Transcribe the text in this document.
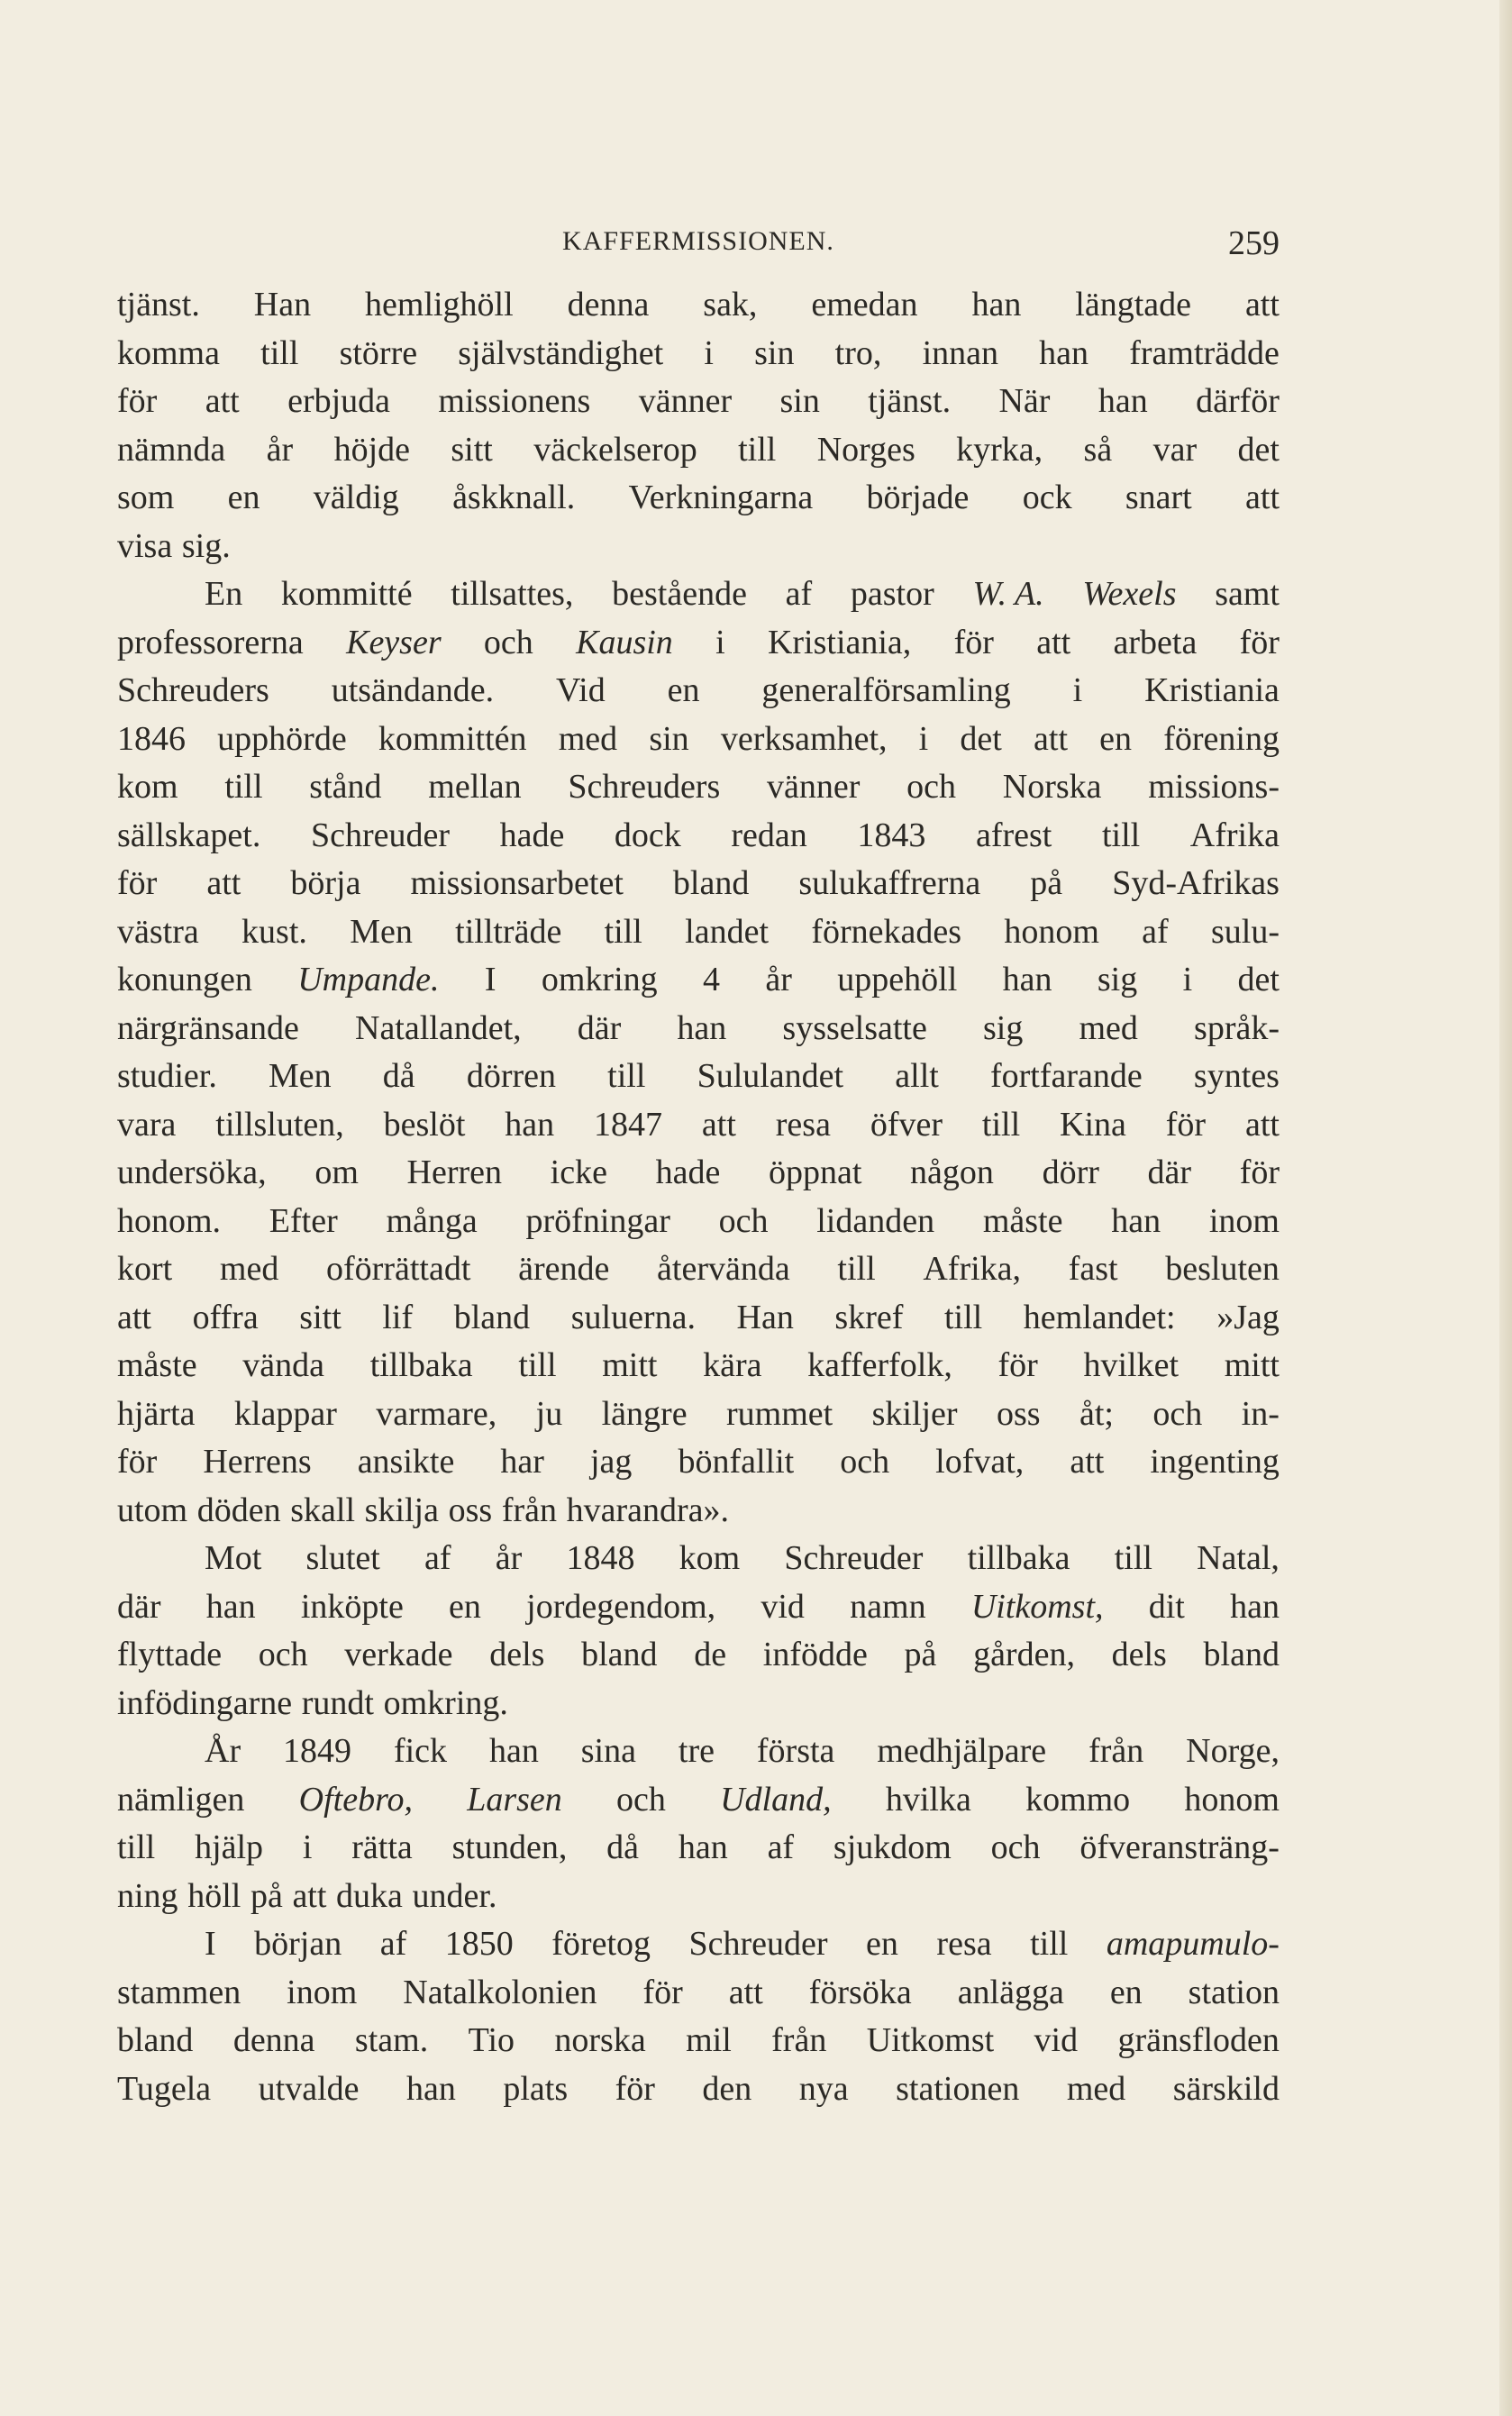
KAFFERMISSIONEN.	259
tjänst. Han hemlighöll denna sak, emedan han längtade att
komma till större självständighet i sin tro, innan han framträdde
för att erbjuda missionens vänner sin tjänst. När han därför
nämnda år höjde sitt väckelserop till Norges kyrka, så var det
som en väldig åskknall. Verkningarna började ock snart att
visa sig.
En kommitté tillsattes, bestående af pastor W. A. Wexels samt
professorerna Keyser och Kausin i Kristiania, för att arbeta för
Schreuders utsändande. Vid en generalförsamling i Kristiania
1846 upphörde kommittén med sin verksamhet, i det att en förening
kom till stånd mellan Schreuders vänner och Norska missions-
sällskapet. Schreuder hade dock redan 1843 afrest till Afrika
för att börja missionsarbetet bland sulukaffrerna på Syd-Afrikas
västra kust. Men tillträde till landet förnekades honom af sulu-
konungen Umpande. I omkring 4 år uppehöll han sig i det
närgränsande Natallandet, där han sysselsatte sig med språk-
studier. Men då dörren till Sululandet allt fortfarande syntes
vara tillsluten, beslöt han 1847 att resa öfver till Kina för att
undersöka, om Herren icke hade öppnat någon dörr där för
honom. Efter många pröfningar och lidanden måste han inom
kort med oförrättadt ärende återvända till Afrika, fast besluten
att offra sitt lif bland suluerna. Han skref till hemlandet: »Jag
måste vända tillbaka till mitt kära kafferfolk, för hvilket mitt
hjärta klappar varmare, ju längre rummet skiljer oss åt; och in-
för Herrens ansikte har jag bönfallit och lofvat, att ingenting
utom döden skall skilja oss från hvarandra».
Mot slutet af år 1848 kom Schreuder tillbaka till Natal,
där han inköpte en jordegendom, vid namn Uitkomst, dit han
flyttade och verkade dels bland de infödde på gården, dels bland
infödingarne rundt omkring.
År 1849 fick han sina tre första medhjälpare från Norge,
nämligen Oftebro, Larsen och Udland, hvilka kommo honom
till hjälp i rätta stunden, då han af sjukdom och öfveransträng-
ning höll på att duka under.
I början af 1850 företog Schreuder en resa till amapumulo-
stammen inom Natalkolonien för att försöka anlägga en station
bland denna stam. Tio norska mil från Uitkomst vid gränsfloden
Tugela utvalde han plats för den nya stationen med särskild
